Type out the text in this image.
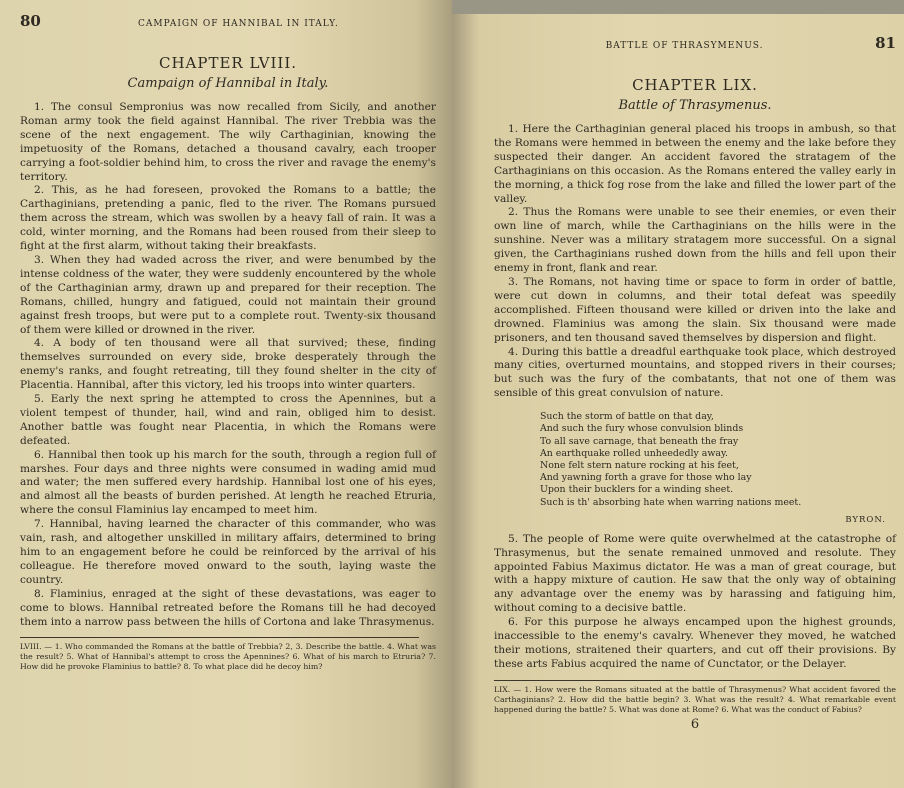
80	CAMPAIGN OF HANNIBAL IN ITALY.
CHAPTER LVIII.
Campaign of Hannibal in Italy.

1. The consul Sempronius was now recalled from Sicily, and another Roman army took the field against Hannibal. The river Trebbia was the scene of the next engagement. The wily Carthaginian, knowing the impetuosity of the Romans, detached a thousand cavalry, each trooper carrying a foot-soldier behind him, to cross the river and ravage the enemy's territory.

2. This, as he had foreseen, provoked the Romans to a battle; the Carthaginians, pretending a panic, fled to the river. The Romans pursued them across the stream, which was swollen by a heavy fall of rain. It was a cold, winter morning, and the Romans had been roused from their sleep to fight at the first alarm, without taking their breakfasts.

3. When they had waded across the river, and were benumbed by the intense coldness of the water, they were suddenly encountered by the whole of the Carthaginian army, drawn up and prepared for their reception. The Romans, chilled, hungry and fatigued, could not maintain their ground against fresh troops, but were put to a complete rout. Twenty-six thousand of them were killed or drowned in the river.

4. A body of ten thousand were all that survived; these, finding themselves surrounded on every side, broke desperately through the enemy's ranks, and fought retreating, till they found shelter in the city of Placentia. Hannibal, after this victory, led his troops into winter quarters.

5. Early the next spring he attempted to cross the Apennines, but a violent tempest of thunder, hail, wind and rain, obliged him to desist. Another battle was fought near Placentia, in which the Romans were defeated.

6. Hannibal then took up his march for the south, through a region full of marshes. Four days and three nights were consumed in wading amid mud and water; the men suffered every hardship. Hannibal lost one of his eyes, and almost all the beasts of burden perished. At length he reached Etruria, where the consul Flaminius lay encamped to meet him.

7. Hannibal, having learned the character of this commander, who was vain, rash, and altogether unskilled in military affairs, determined to bring him to an engagement before he could be reinforced by the arrival of his colleague. He therefore moved onward to the south, laying waste the country.

8. Flaminius, enraged at the sight of these devastations, was eager to come to blows. Hannibal retreated before the Romans till he had decoyed them into a narrow pass between the hills of Cortona and lake Thrasymenus.

LVIII. — 1. Who commanded the Romans at the battle of Trebbia? 2, 3. Describe the battle. 4. What was the result? 5. What of Hannibal's attempt to cross the Apennines? 6. What of his march to Etruria? 7. How did he provoke Flaminius to battle? 8. To what place did he decoy him?
BATTLE OF THRASYMENUS.	81
CHAPTER LIX.
Battle of Thrasymenus.

1. Here the Carthaginian general placed his troops in ambush, so that the Romans were hemmed in between the enemy and the lake before they suspected their danger. An accident favored the stratagem of the Carthaginians on this occasion. As the Romans entered the valley early in the morning, a thick fog rose from the lake and filled the lower part of the valley.

2. Thus the Romans were unable to see their enemies, or even their own line of march, while the Carthaginians on the hills were in the sunshine. Never was a military stratagem more successful. On a signal given, the Carthaginians rushed down from the hills and fell upon their enemy in front, flank and rear.

3. The Romans, not having time or space to form in order of battle, were cut down in columns, and their total defeat was speedily accomplished. Fifteen thousand were killed or driven into the lake and drowned. Flaminius was among the slain. Six thousand were made prisoners, and ten thousand saved themselves by dispersion and flight.

4. During this battle a dreadful earthquake took place, which destroyed many cities, overturned mountains, and stopped rivers in their courses; but such was the fury of the combatants, that not one of them was sensible of this great convulsion of nature.

Such the storm of battle on that day,
And such the fury whose convulsion blinds
To all save carnage, that beneath the fray
An earthquake rolled unheededly away.
None felt stern nature rocking at his feet,
And yawning forth a grave for those who lay
Upon their bucklers for a winding sheet.
Such is th' absorbing hate when warring nations meet.
BYRON.

5. The people of Rome were quite overwhelmed at the catastrophe of Thrasymenus, but the senate remained unmoved and resolute. They appointed Fabius Maximus dictator. He was a man of great courage, but with a happy mixture of caution. He saw that the only way of obtaining any advantage over the enemy was by harassing and fatiguing him, without coming to a decisive battle.

6. For this purpose he always encamped upon the highest grounds, inaccessible to the enemy's cavalry. Whenever they moved, he watched their motions, straitened their quarters, and cut off their provisions. By these arts Fabius acquired the name of Cunctator, or the Delayer.

LIX. — 1. How were the Romans situated at the battle of Thrasymenus? What accident favored the Carthaginians? 2. How did the battle begin? 3. What was the result? 4. What remarkable event happened during the battle? 5. What was done at Rome? 6. What was the conduct of Fabius?
6
